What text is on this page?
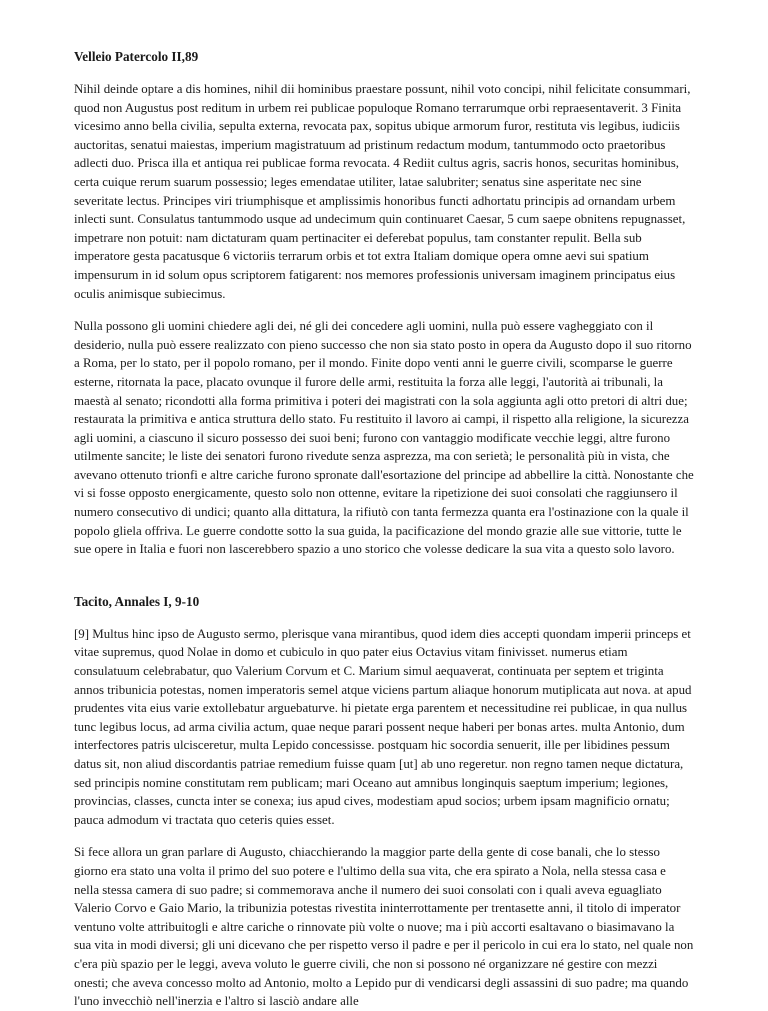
Velleio Patercolo II,89

Nihil deinde optare a dis homines, nihil dii hominibus praestare possunt, nihil voto concipi, nihil felicitate consummari, quod non Augustus post reditum in urbem rei publicae populoque Romano terrarumque orbi repraesentaverit. 3 Finita vicesimo anno bella civilia, sepulta externa, revocata pax, sopitus ubique armorum furor, restituta vis legibus, iudiciis auctoritas, senatui maiestas, imperium magistratuum ad pristinum redactum modum, tantummodo octo praetoribus adlecti duo. Prisca illa et antiqua rei publicae forma revocata. 4 Rediit cultus agris, sacris honos, securitas hominibus, certa cuique rerum suarum possessio; leges emendatae utiliter, latae salubriter; senatus sine asperitate nec sine severitate lectus. Principes viri triumphisque et amplissimis honoribus functi adhortatu principis ad ornandam urbem inlecti sunt. Consulatus tantummodo usque ad undecimum quin continuaret Caesar, 5 cum saepe obnitens repugnasset, impetrare non potuit: nam dictaturam quam pertinaciter ei deferebat populus, tam constanter repulit. Bella sub imperatore gesta pacatusque 6 victoriis terrarum orbis et tot extra Italiam domique opera omne aevi sui spatium impensurum in id solum opus scriptorem fatigarent: nos memores professionis universam imaginem principatus eius oculis animisque subiecimus.

Nulla possono gli uomini chiedere agli dei, né gli dei concedere agli uomini, nulla può essere vagheggiato con il desiderio, nulla può essere realizzato con pieno successo che non sia stato posto in opera da Augusto dopo il suo ritorno a Roma, per lo stato, per il popolo romano, per il mondo. Finite dopo venti anni le guerre civili, scomparse le guerre esterne, ritornata la pace, placato ovunque il furore delle armi, restituita la forza alle leggi, l'autorità ai tribunali, la maestà al senato; ricondotti alla forma primitiva i poteri dei magistrati con la sola aggiunta agli otto pretori di altri due; restaurata la primitiva e antica struttura dello stato. Fu restituito il lavoro ai campi, il rispetto alla religione, la sicurezza agli uomini, a ciascuno il sicuro possesso dei suoi beni; furono con vantaggio modificate vecchie leggi, altre furono utilmente sancite; le liste dei senatori furono rivedute senza asprezza, ma con serietà; le personalità più in vista, che avevano ottenuto trionfi e altre cariche furono spronate dall'esortazione del principe ad abbellire la città. Nonostante che vi si fosse opposto energicamente, questo solo non ottenne, evitare la ripetizione dei suoi consolati che raggiunsero il numero consecutivo di undici; quanto alla dittatura, la rifiutò con tanta fermezza quanta era l'ostinazione con la quale il popolo gliela offriva. Le guerre condotte sotto la sua guida, la pacificazione del mondo grazie alle sue vittorie, tutte le sue opere in Italia e fuori non lascerebbero spazio a uno storico che volesse dedicare la sua vita a questo solo lavoro.

Tacito, Annales I, 9-10

[9] Multus hinc ipso de Augusto sermo, plerisque vana mirantibus, quod idem dies accepti quondam imperii princeps et vitae supremus, quod Nolae in domo et cubiculo in quo pater eius Octavius vitam finivisset. numerus etiam consulatuum celebrabatur, quo Valerium Corvum et C. Marium simul aequaverat, continuata per septem et triginta annos tribunicia potestas, nomen imperatoris semel atque viciens partum aliaque honorum mutiplicata aut nova. at apud prudentes vita eius varie extollebatur arguebaturve. hi pietate erga parentem et necessitudine rei publicae, in qua nullus tunc legibus locus, ad arma civilia actum, quae neque parari possent neque haberi per bonas artes. multa Antonio, dum interfectores patris ulcisceretur, multa Lepido concessisse. postquam hic socordia senuerit, ille per libidines pessum datus sit, non aliud discordantis patriae remedium fuisse quam [ut] ab uno regeretur. non regno tamen neque dictatura, sed principis nomine constitutam rem publicam; mari Oceano aut amnibus longinquis saeptum imperium; legiones, provincias, classes, cuncta inter se conexa; ius apud cives, modestiam apud socios; urbem ipsam magnificio ornatu; pauca admodum vi tractata quo ceteris quies esset.

Si fece allora un gran parlare di Augusto, chiacchierando la maggior parte della gente di cose banali, che lo stesso giorno era stato una volta il primo del suo potere e l'ultimo della sua vita, che era spirato a Nola, nella stessa casa e nella stessa camera di suo padre; si commemorava anche il numero dei suoi consolati con i quali aveva eguagliato Valerio Corvo e Gaio Mario, la tribunizia potestas rivestita ininterrottamente per trentasette anni, il titolo di imperator ventuno volte attribuitogli e altre cariche o rinnovate più volte o nuove; ma i più accorti esaltavano o biasimavano la sua vita in modi diversi; gli uni dicevano che per rispetto verso il padre e per il pericolo in cui era lo stato, nel quale non c'era più spazio per le leggi, aveva voluto le guerre civili, che non si possono né organizzare né gestire con mezzi onesti; che aveva concesso molto ad Antonio, molto a Lepido pur di vendicarsi degli assassini di suo padre; ma quando l'uno invecchiò nell'inerzia e l'altro si lasciò andare alle
